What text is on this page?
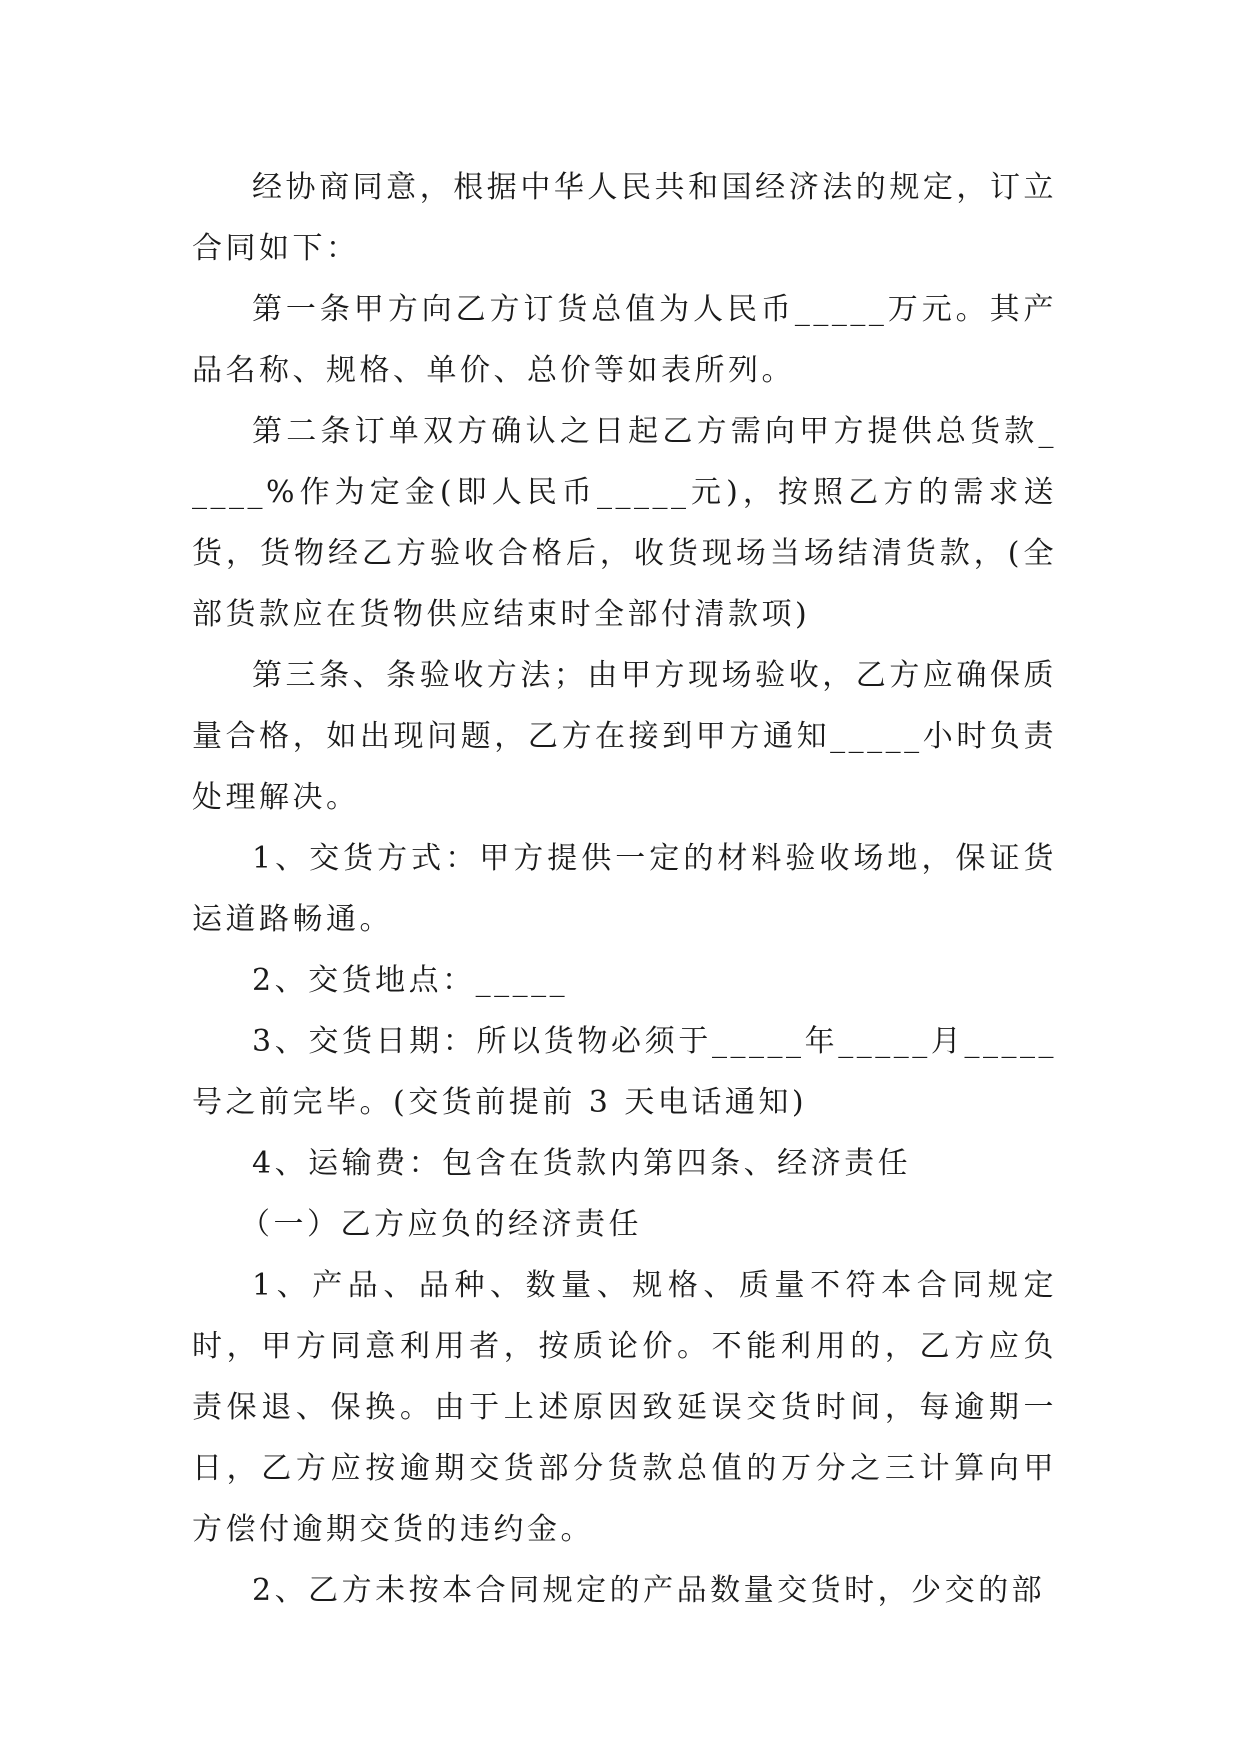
经协商同意，根据中华人民共和国经济法的规定，订立合同如下：

第一条甲方向乙方订货总值为人民币_____万元。其产品名称、规格、单价、总价等如表所列。

第二条订单双方确认之日起乙方需向甲方提供总货款_____%作为定金(即人民币_____元)，按照乙方的需求送货，货物经乙方验收合格后，收货现场当场结清货款，(全部货款应在货物供应结束时全部付清款项)

第三条、条验收方法；由甲方现场验收，乙方应确保质量合格，如出现问题，乙方在接到甲方通知_____小时负责处理解决。

1、交货方式：甲方提供一定的材料验收场地，保证货运道路畅通。

2、交货地点：_____

3、交货日期：所以货物必须于_____年_____月_____号之前完毕。(交货前提前 3 天电话通知)

4、运输费：包含在货款内第四条、经济责任

（一）乙方应负的经济责任

1、产品、品种、数量、规格、质量不符本合同规定时，甲方同意利用者，按质论价。不能利用的，乙方应负责保退、保换。由于上述原因致延误交货时间，每逾期一日，乙方应按逾期交货部分货款总值的万分之三计算向甲方偿付逾期交货的违约金。

2、乙方未按本合同规定的产品数量交货时，少交的部
